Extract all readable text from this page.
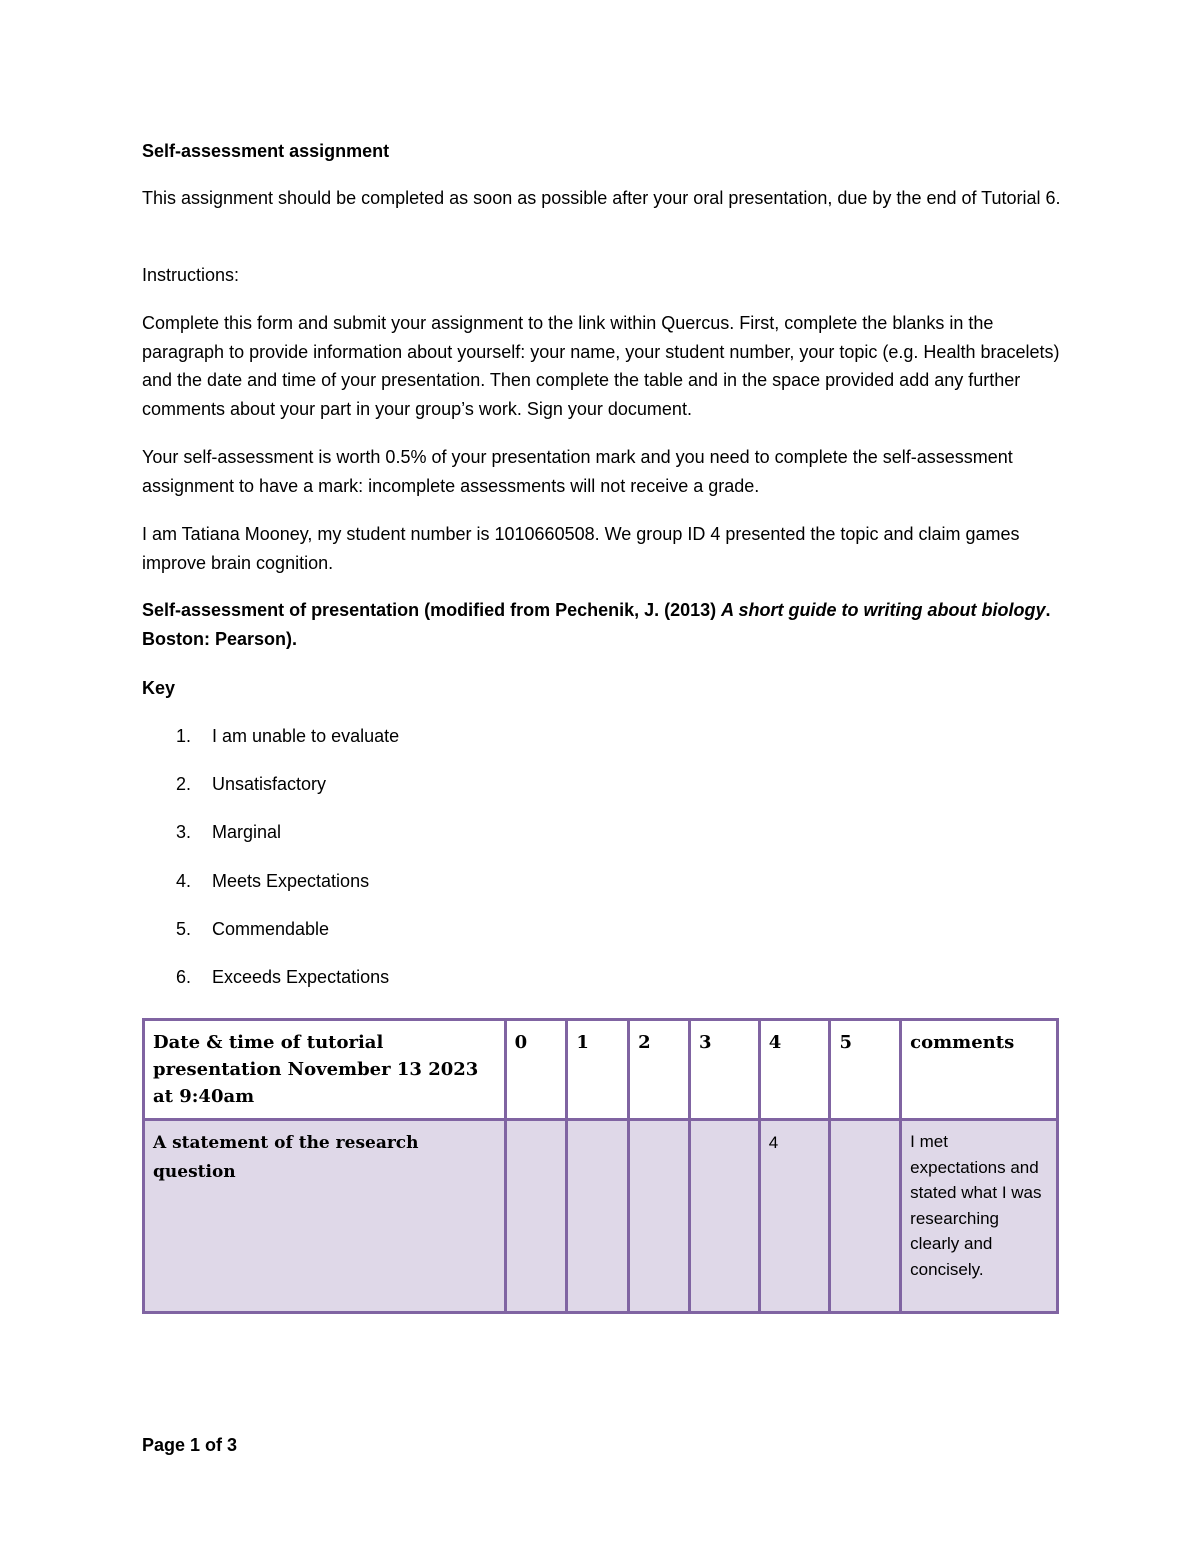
Self-assessment assignment

This assignment should be completed as soon as possible after your oral presentation, due by the end of Tutorial 6.

Instructions:

Complete this form and submit your assignment to the link within Quercus. First, complete the blanks in the paragraph to provide information about yourself: your name, your student number, your topic (e.g. Health bracelets) and the date and time of your presentation. Then complete the table and in the space provided add any further comments about your part in your group’s work. Sign your document.

Your self-assessment is worth 0.5% of your presentation mark and you need to complete the self-assessment assignment to have a mark: incomplete assessments will not receive a grade.

I am Tatiana Mooney, my student number is 1010660508. We group ID 4 presented the topic and claim games improve brain cognition.

Self-assessment of presentation (modified from Pechenik, J. (2013) A short guide to writing about biology. Boston: Pearson).

Key

1.	I am unable to evaluate
2.	Unsatisfactory
3.	Marginal
4.	Meets Expectations
5.	Commendable
6.	Exceeds Expectations
Date & time of tutorial presentation November 13 2023 at 9:40am	0	1	2	3	4	5	comments
A statement of the research question					4		I met expectations and stated what I was researching clearly and concisely.

Page 1 of 3
